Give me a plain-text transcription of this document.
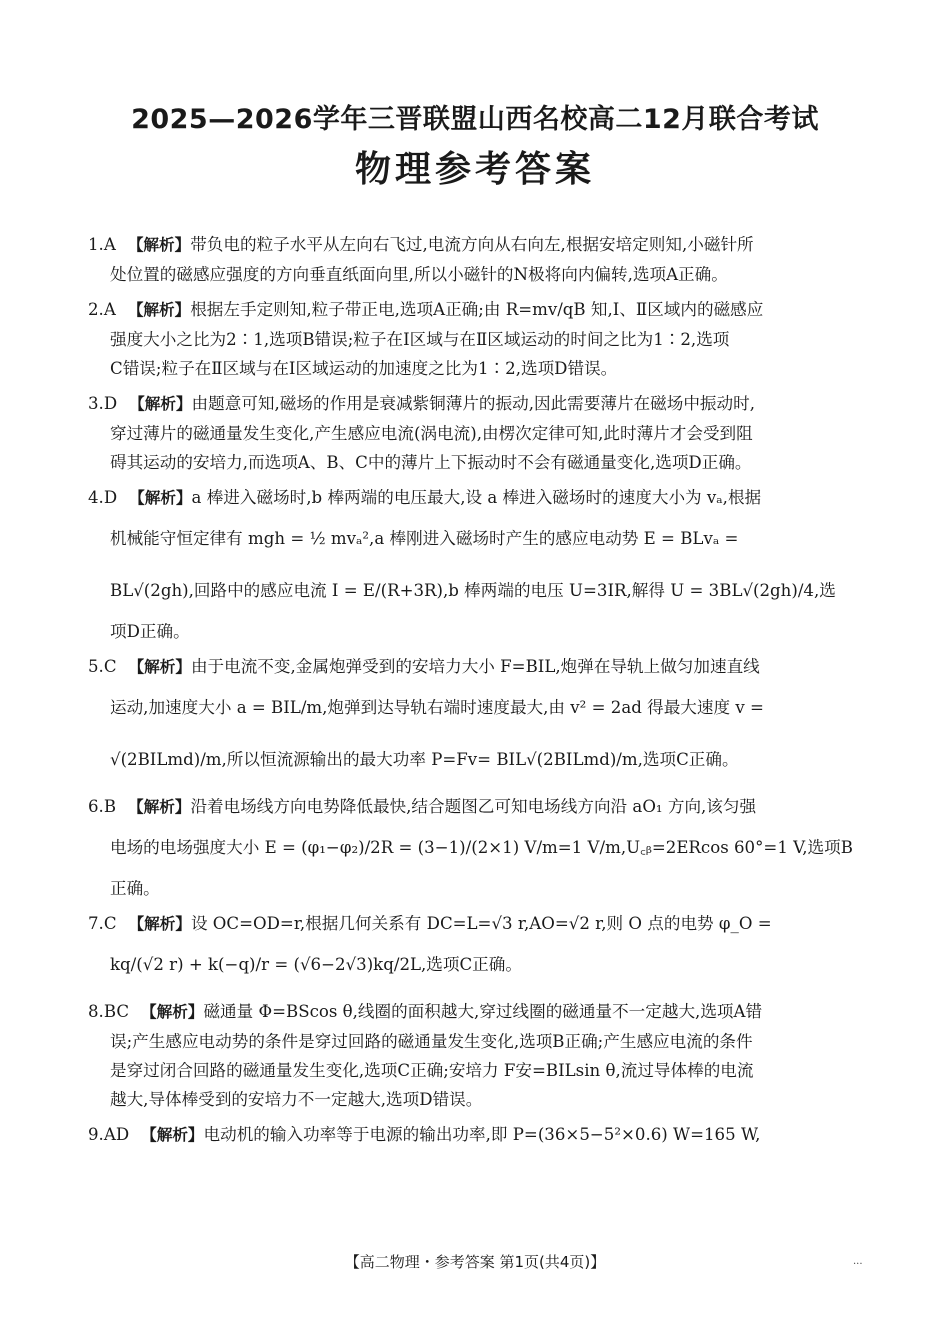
2025—2026学年三晋联盟山西名校高二12月联合考试
物理参考答案

1.A 【解析】带负电的粒子水平从左向右飞过,电流方向从右向左,根据安培定则知,小磁针所

处位置的磁感应强度的方向垂直纸面向里,所以小磁针的N极将向内偏转,选项A正确。

2.A 【解析】根据左手定则知,粒子带正电,选项A正确;由 R=mv/qB 知,Ⅰ、Ⅱ区域内的磁感应

强度大小之比为2∶1,选项B错误;粒子在Ⅰ区域与在Ⅱ区域运动的时间之比为1∶2,选项

C错误;粒子在Ⅱ区域与在Ⅰ区域运动的加速度之比为1∶2,选项D错误。

3.D 【解析】由题意可知,磁场的作用是衰减紫铜薄片的振动,因此需要薄片在磁场中振动时,

穿过薄片的磁通量发生变化,产生感应电流(涡电流),由楞次定律可知,此时薄片才会受到阻

碍其运动的安培力,而选项A、B、C中的薄片上下振动时不会有磁通量变化,选项D正确。

4.D 【解析】a 棒进入磁场时,b 棒两端的电压最大,设 a 棒进入磁场时的速度大小为 vₐ,根据

机械能守恒定律有 mgh = ½ mvₐ²,a 棒刚进入磁场时产生的感应电动势 E = BLvₐ =

BL√(2gh),回路中的感应电流 I = E/(R+3R),b 棒两端的电压 U=3IR,解得 U = 3BL√(2gh)/4,选

项D正确。

5.C 【解析】由于电流不变,金属炮弹受到的安培力大小 F=BIL,炮弹在导轨上做匀加速直线

运动,加速度大小 a = BIL/m,炮弹到达导轨右端时速度最大,由 v² = 2ad 得最大速度 v =

√(2BILmd)/m,所以恒流源输出的最大功率 P=Fv= BIL√(2BILmd)/m,选项C正确。

6.B 【解析】沿着电场线方向电势降低最快,结合题图乙可知电场线方向沿 aO₁ 方向,该匀强

电场的电场强度大小 E = (φ₁−φ₂)/2R = (3−1)/(2×1) V/m=1 V/m,U꜀ᵦ=2ERcos 60°=1 V,选项B

正确。

7.C 【解析】设 OC=OD=r,根据几何关系有 DC=L=√3 r,AO=√2 r,则 O 点的电势 φ_O =

kq/(√2 r) + k(−q)/r = (√6−2√3)kq/2L,选项C正确。

8.BC 【解析】磁通量 Φ=BScos θ,线圈的面积越大,穿过线圈的磁通量不一定越大,选项A错

误;产生感应电动势的条件是穿过回路的磁通量发生变化,选项B正确;产生感应电流的条件

是穿过闭合回路的磁通量发生变化,选项C正确;安培力 F安=BILsin θ,流过导体棒的电流

越大,导体棒受到的安培力不一定越大,选项D错误。

9.AD 【解析】电动机的输入功率等于电源的输出功率,即 P=(36×5−5²×0.6) W=165 W,

【高二物理・参考答案 第1页(共4页)】	...
